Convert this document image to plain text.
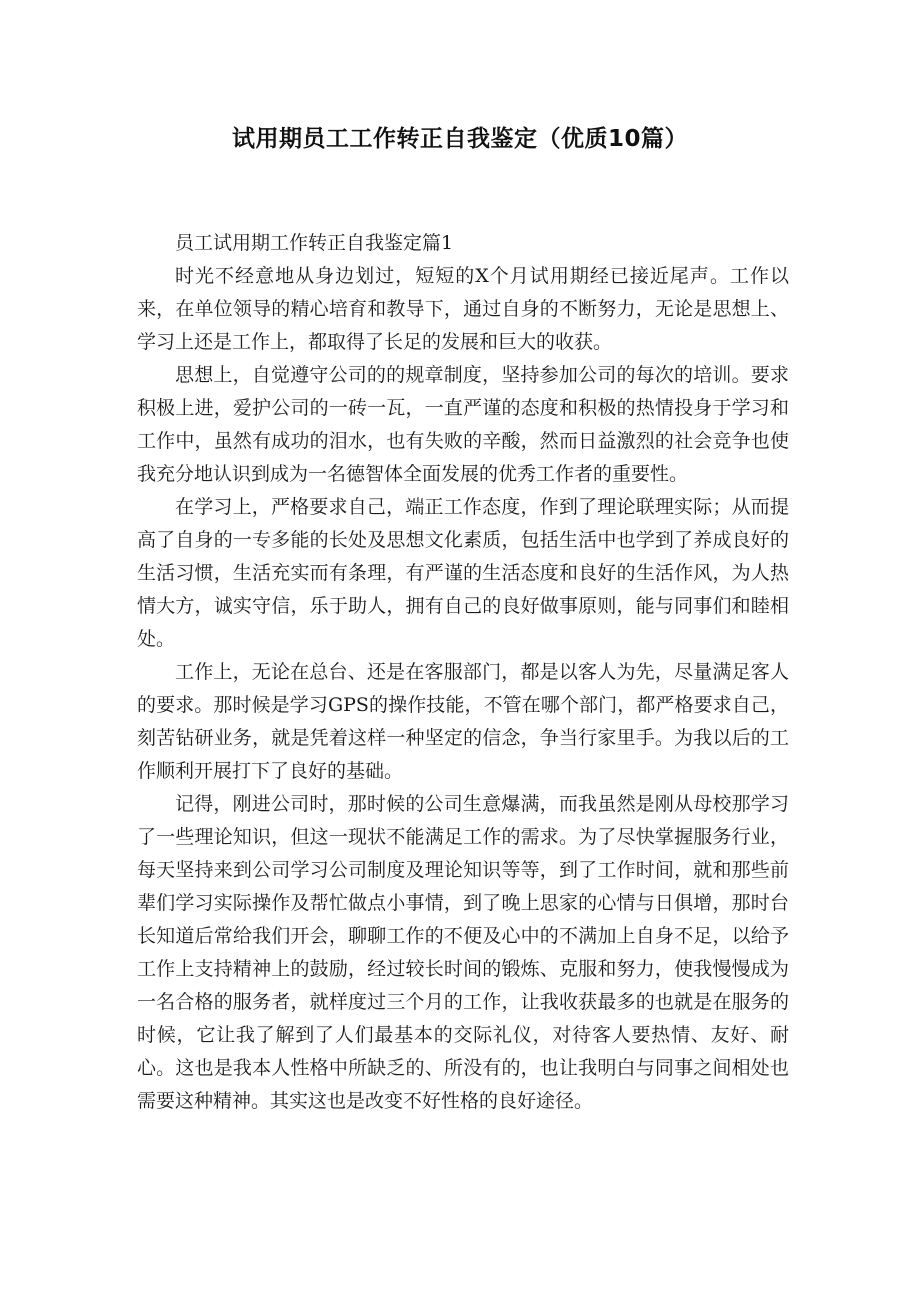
试用期员工工作转正自我鉴定（优质10篇）
员工试用期工作转正自我鉴定篇1

时光不经意地从身边划过，短短的X个月试用期经已接近尾声。工作以来，在单位领导的精心培育和教导下，通过自身的不断努力，无论是思想上、学习上还是工作上，都取得了长足的发展和巨大的收获。

思想上，自觉遵守公司的的规章制度，坚持参加公司的每次的培训。要求积极上进，爱护公司的一砖一瓦，一直严谨的态度和积极的热情投身于学习和工作中，虽然有成功的泪水，也有失败的辛酸，然而日益激烈的社会竞争也使我充分地认识到成为一名德智体全面发展的优秀工作者的重要性。

在学习上，严格要求自己，端正工作态度，作到了理论联理实际；从而提高了自身的一专多能的长处及思想文化素质，包括生活中也学到了养成良好的生活习惯，生活充实而有条理，有严谨的生活态度和良好的生活作风，为人热情大方，诚实守信，乐于助人，拥有自己的良好做事原则，能与同事们和睦相处。

工作上，无论在总台、还是在客服部门，都是以客人为先，尽量满足客人的要求。那时候是学习GPS的操作技能，不管在哪个部门，都严格要求自己，刻苦钻研业务，就是凭着这样一种坚定的信念，争当行家里手。为我以后的工作顺利开展打下了良好的基础。

记得，刚进公司时，那时候的公司生意爆满，而我虽然是刚从母校那学习了一些理论知识，但这一现状不能满足工作的需求。为了尽快掌握服务行业，每天坚持来到公司学习公司制度及理论知识等等，到了工作时间，就和那些前辈们学习实际操作及帮忙做点小事情，到了晚上思家的心情与日俱增，那时台长知道后常给我们开会，聊聊工作的不便及心中的不满加上自身不足，以给予工作上支持精神上的鼓励，经过较长时间的锻炼、克服和努力，使我慢慢成为一名合格的服务者，就样度过三个月的工作，让我收获最多的也就是在服务的时候，它让我了解到了人们最基本的交际礼仪，对待客人要热情、友好、耐心。这也是我本人性格中所缺乏的、所没有的，也让我明白与同事之间相处也需要这种精神。其实这也是改变不好性格的良好途径。
